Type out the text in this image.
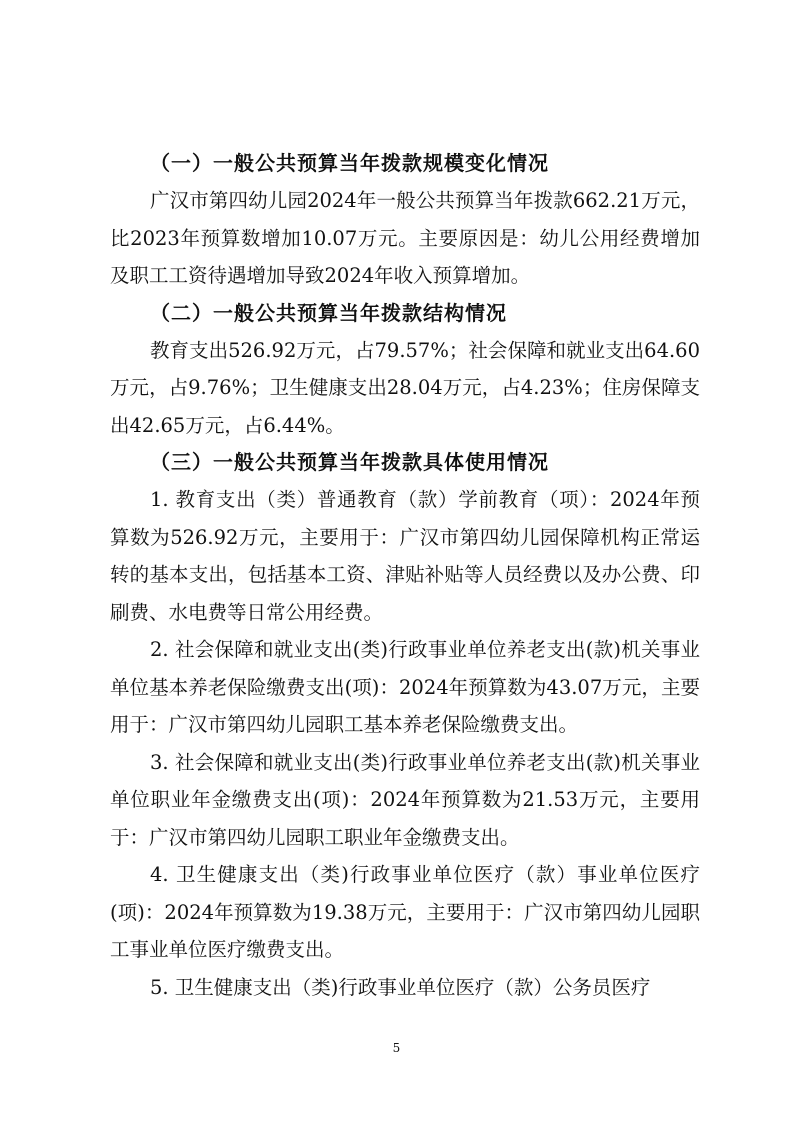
（一）一般公共预算当年拨款规模变化情况

广汉市第四幼儿园2024年一般公共预算当年拨款662.21万元，比2023年预算数增加10.07万元。主要原因是：幼儿公用经费增加及职工工资待遇增加导致2024年收入预算增加。

（二）一般公共预算当年拨款结构情况

教育支出526.92万元，占79.57%；社会保障和就业支出64.60万元，占9.76%；卫生健康支出28.04万元，占4.23%；住房保障支出42.65万元，占6.44%。

（三）一般公共预算当年拨款具体使用情况

1. 教育支出（类）普通教育（款）学前教育（项）：2024年预算数为526.92万元，主要用于：广汉市第四幼儿园保障机构正常运转的基本支出，包括基本工资、津贴补贴等人员经费以及办公费、印刷费、水电费等日常公用经费。

2. 社会保障和就业支出(类)行政事业单位养老支出(款)机关事业单位基本养老保险缴费支出(项)：2024年预算数为43.07万元，主要用于：广汉市第四幼儿园职工基本养老保险缴费支出。

3. 社会保障和就业支出(类)行政事业单位养老支出(款)机关事业单位职业年金缴费支出(项)：2024年预算数为21.53万元，主要用于：广汉市第四幼儿园职工职业年金缴费支出。

4. 卫生健康支出（类)行政事业单位医疗（款）事业单位医疗(项)：2024年预算数为19.38万元，主要用于：广汉市第四幼儿园职工事业单位医疗缴费支出。

5. 卫生健康支出（类)行政事业单位医疗（款）公务员医疗

5
